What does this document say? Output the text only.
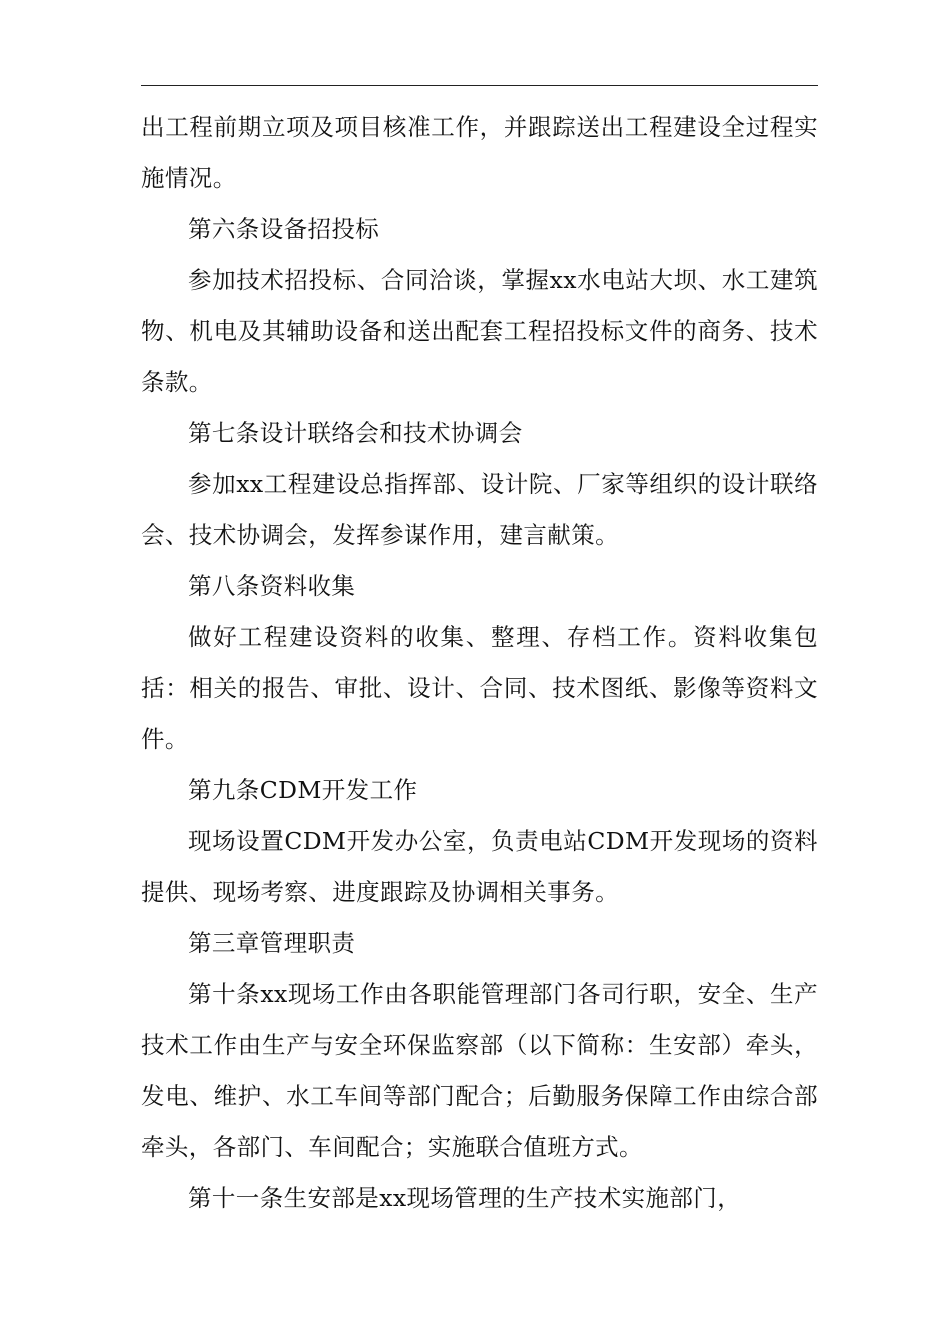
出工程前期立项及项目核准工作，并跟踪送出工程建设全过程实施情况。

第六条设备招投标

参加技术招投标、合同洽谈，掌握xx水电站大坝、水工建筑物、机电及其辅助设备和送出配套工程招投标文件的商务、技术条款。

第七条设计联络会和技术协调会

参加xx工程建设总指挥部、设计院、厂家等组织的设计联络会、技术协调会，发挥参谋作用，建言献策。

第八条资料收集

做好工程建设资料的收集、整理、存档工作。资料收集包括：相关的报告、审批、设计、合同、技术图纸、影像等资料文件。

第九条CDM开发工作

现场设置CDM开发办公室，负责电站CDM开发现场的资料提供、现场考察、进度跟踪及协调相关事务。

第三章管理职责

第十条xx现场工作由各职能管理部门各司行职，安全、生产技术工作由生产与安全环保监察部（以下简称：生安部）牵头，发电、维护、水工车间等部门配合；后勤服务保障工作由综合部牵头，各部门、车间配合；实施联合值班方式。

第十一条生安部是xx现场管理的生产技术实施部门，
